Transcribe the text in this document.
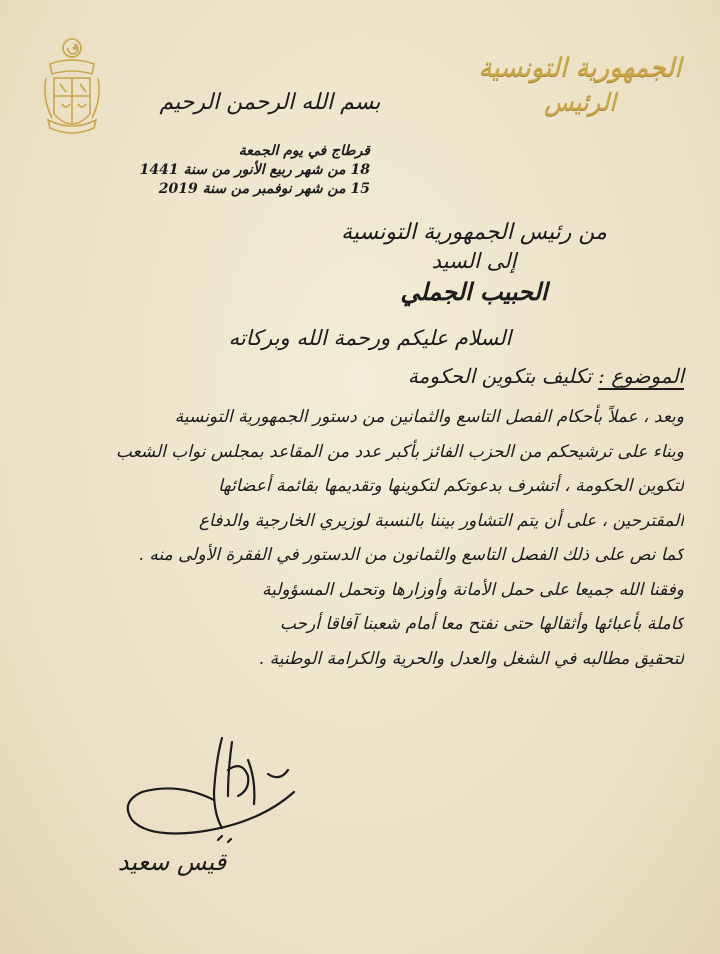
الجمهورية التونسية
الرئيس
بسم الله الرحمن الرحيم
قرطاج في يوم الجمعة
18 من شهر ربيع الأنور من سنة 1441
15 من شهر نوفمبر من سنة 2019
من رئيس الجمهورية التونسية
إلى السيد
الحبيب الجملي
السلام عليكم ورحمة الله وبركاته
الموضوع : تكليف بتكوين الحكومة
وبعد ، عملاً بأحكام الفصل التاسع والثمانين من دستور الجمهورية التونسية
وبناء على ترشيحكم من الحزب الفائز بأكبر عدد من المقاعد بمجلس نواب الشعب
لتكوين الحكومة ، أتشرف بدعوتكم لتكوينها وتقديمها بقائمة أعضائها
المقترحين ، على أن يتم التشاور بيننا بالنسبة لوزيري الخارجية والدفاع
كما نص على ذلك الفصل التاسع والثمانون من الدستور في الفقرة الأولى منه .
وفقنا الله جميعا على حمل الأمانة وأوزارها وتحمل المسؤولية
كاملة بأعبائها وأثقالها حتى نفتح معا أمام شعبنا آفاقا أرحب
لتحقيق مطالبه في الشغل والعدل والحرية والكرامة الوطنية .
قيس سعيد
